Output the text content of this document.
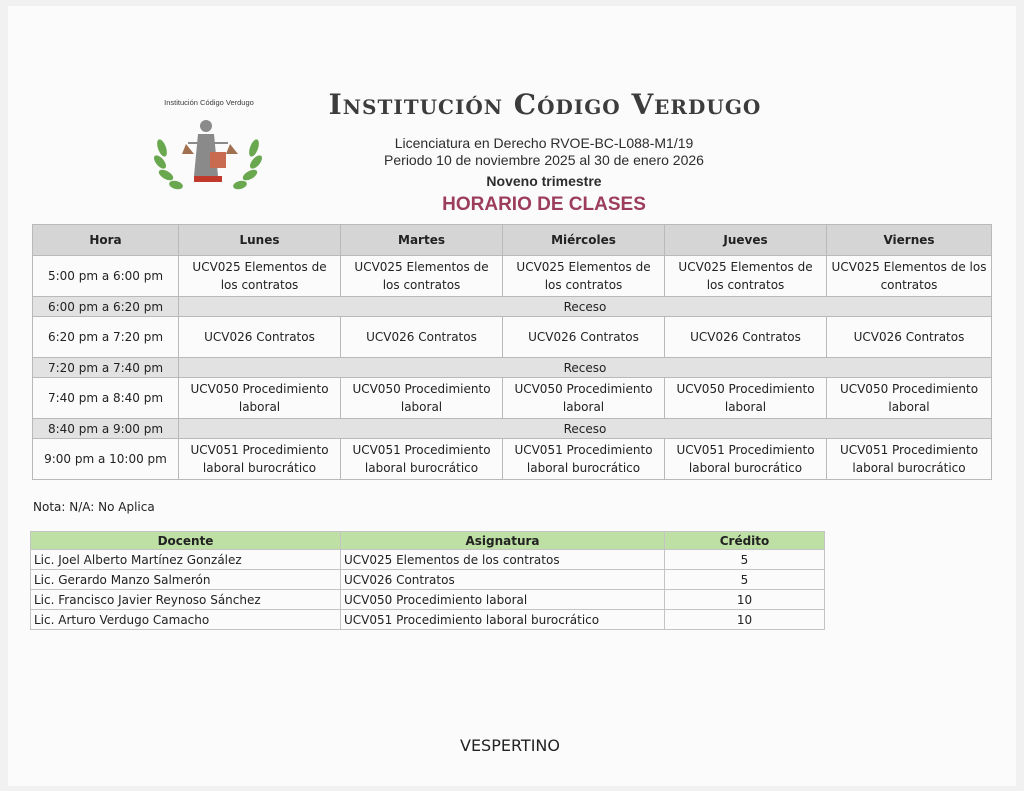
Institución Código Verdugo	Institución Código Verdugo
Licenciatura en Derecho RVOE-BC-L088-M1/19
Periodo 10 de noviembre 2025 al 30 de enero 2026
Noveno trimestre
HORARIO DE CLASES
Hora	Lunes	Martes	Miércoles	Jueves	Viernes
5:00 pm a 6:00 pm	UCV025 Elementos de los contratos	UCV025 Elementos de los contratos	UCV025 Elementos de los contratos	UCV025 Elementos de los contratos	UCV025 Elementos de los contratos
6:00 pm a 6:20 pm	Receso				
6:20 pm a 7:20 pm	UCV026 Contratos	UCV026 Contratos	UCV026 Contratos	UCV026 Contratos	UCV026 Contratos
7:20 pm a 7:40 pm	Receso				
7:40 pm a 8:40 pm	UCV050 Procedimiento laboral	UCV050 Procedimiento laboral	UCV050 Procedimiento laboral	UCV050 Procedimiento laboral	UCV050 Procedimiento laboral
8:40 pm a 9:00 pm	Receso				
9:00 pm a 10:00 pm	UCV051 Procedimiento laboral burocrático	UCV051 Procedimiento laboral burocrático	UCV051 Procedimiento laboral burocrático	UCV051 Procedimiento laboral burocrático	UCV051 Procedimiento laboral burocrático
Nota: N/A: No Aplica
Docente	Asignatura	Crédito
Lic. Joel Alberto Martínez González	UCV025 Elementos de los contratos	5
Lic. Gerardo Manzo Salmerón	UCV026 Contratos	5
Lic. Francisco Javier Reynoso Sánchez	UCV050 Procedimiento laboral	10
Lic. Arturo Verdugo Camacho	UCV051 Procedimiento laboral burocrático	10
VESPERTINO
